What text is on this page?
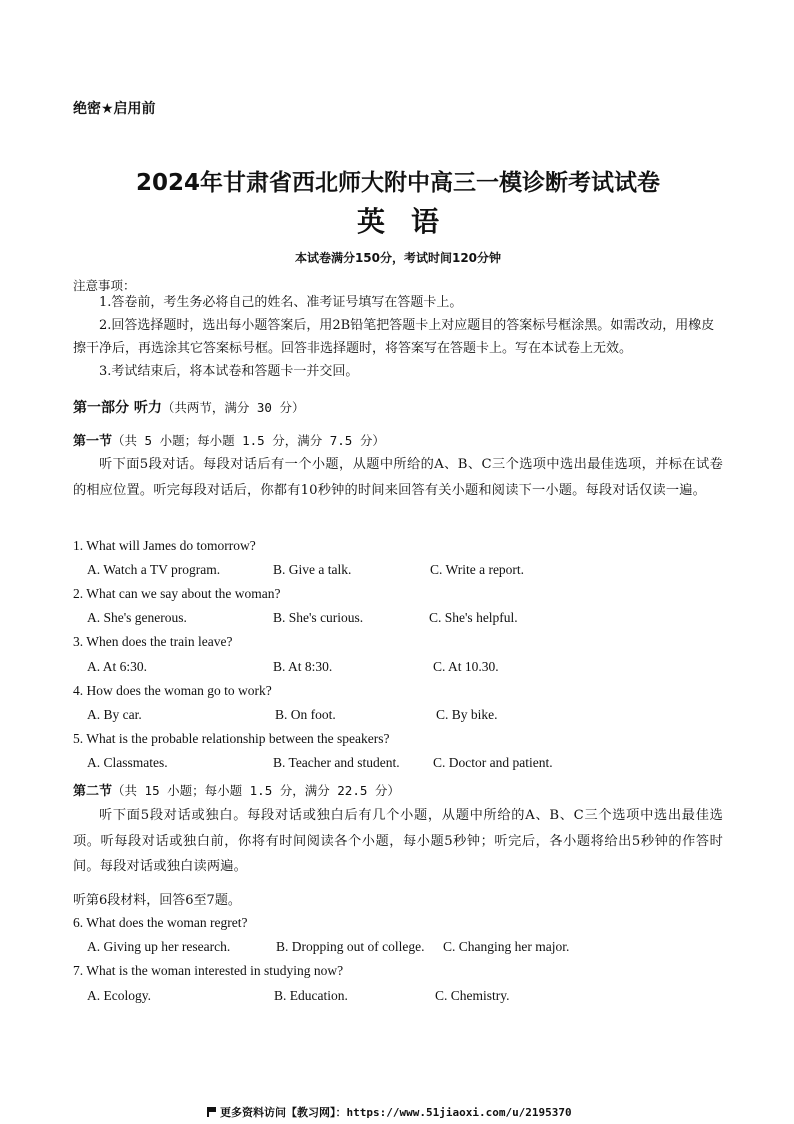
绝密★启用前
2024年甘肃省西北师大附中高三一模诊断考试试卷
英语
本试卷满分150分，考试时间120分钟
注意事项：
1.答卷前，考生务必将自己的姓名、准考证号填写在答题卡上。
2.回答选择题时，选出每小题答案后，用2B铅笔把答题卡上对应题目的答案标号框涂黑。如需改动，用橡皮擦干净后，再选涂其它答案标号框。回答非选择题时，将答案写在答题卡上。写在本试卷上无效。
3.考试结束后，将本试卷和答题卡一并交回。
第一部分 听力（共两节，满分 30 分）
第一节（共 5 小题；每小题 1.5 分，满分 7.5 分）
听下面5段对话。每段对话后有一个小题，从题中所给的A、B、C三个选项中选出最佳选项，并标在试卷的相应位置。听完每段对话后，你都有10秒钟的时间来回答有关小题和阅读下一小题。每段对话仅读一遍。
1. What will James do tomorrow?
A. Watch a TV program.	B. Give a talk.	C. Write a report.
2. What can we say about the woman?
A. She's generous.	B. She's curious.	C. She's helpful.
3. When does the train leave?
A. At 6:30.	B. At 8:30.	C. At 10.30.
4. How does the woman go to work?
A. By car.	B. On foot.	C. By bike.
5. What is the probable relationship between the speakers?
A. Classmates.	B. Teacher and student. C. Doctor and patient.
第二节（共 15 小题；每小题 1.5 分，满分 22.5 分）
听下面5段对话或独白。每段对话或独白后有几个小题，从题中所给的A、B、C三个选项中选出最佳选项。听每段对话或独白前，你将有时间阅读各个小题，每小题5秒钟；听完后，各小题将给出5秒钟的作答时间。每段对话或独白读两遍。
听第6段材料，回答6至7题。
6. What does the woman regret?
A. Giving up her research.	B. Dropping out of college. C. Changing her major.
7. What is the woman interested in studying now?
A. Ecology.	B. Education.	C. Chemistry.
更多资料访问【教习网】：https://www.51jiaoxi.com/u/2195370
